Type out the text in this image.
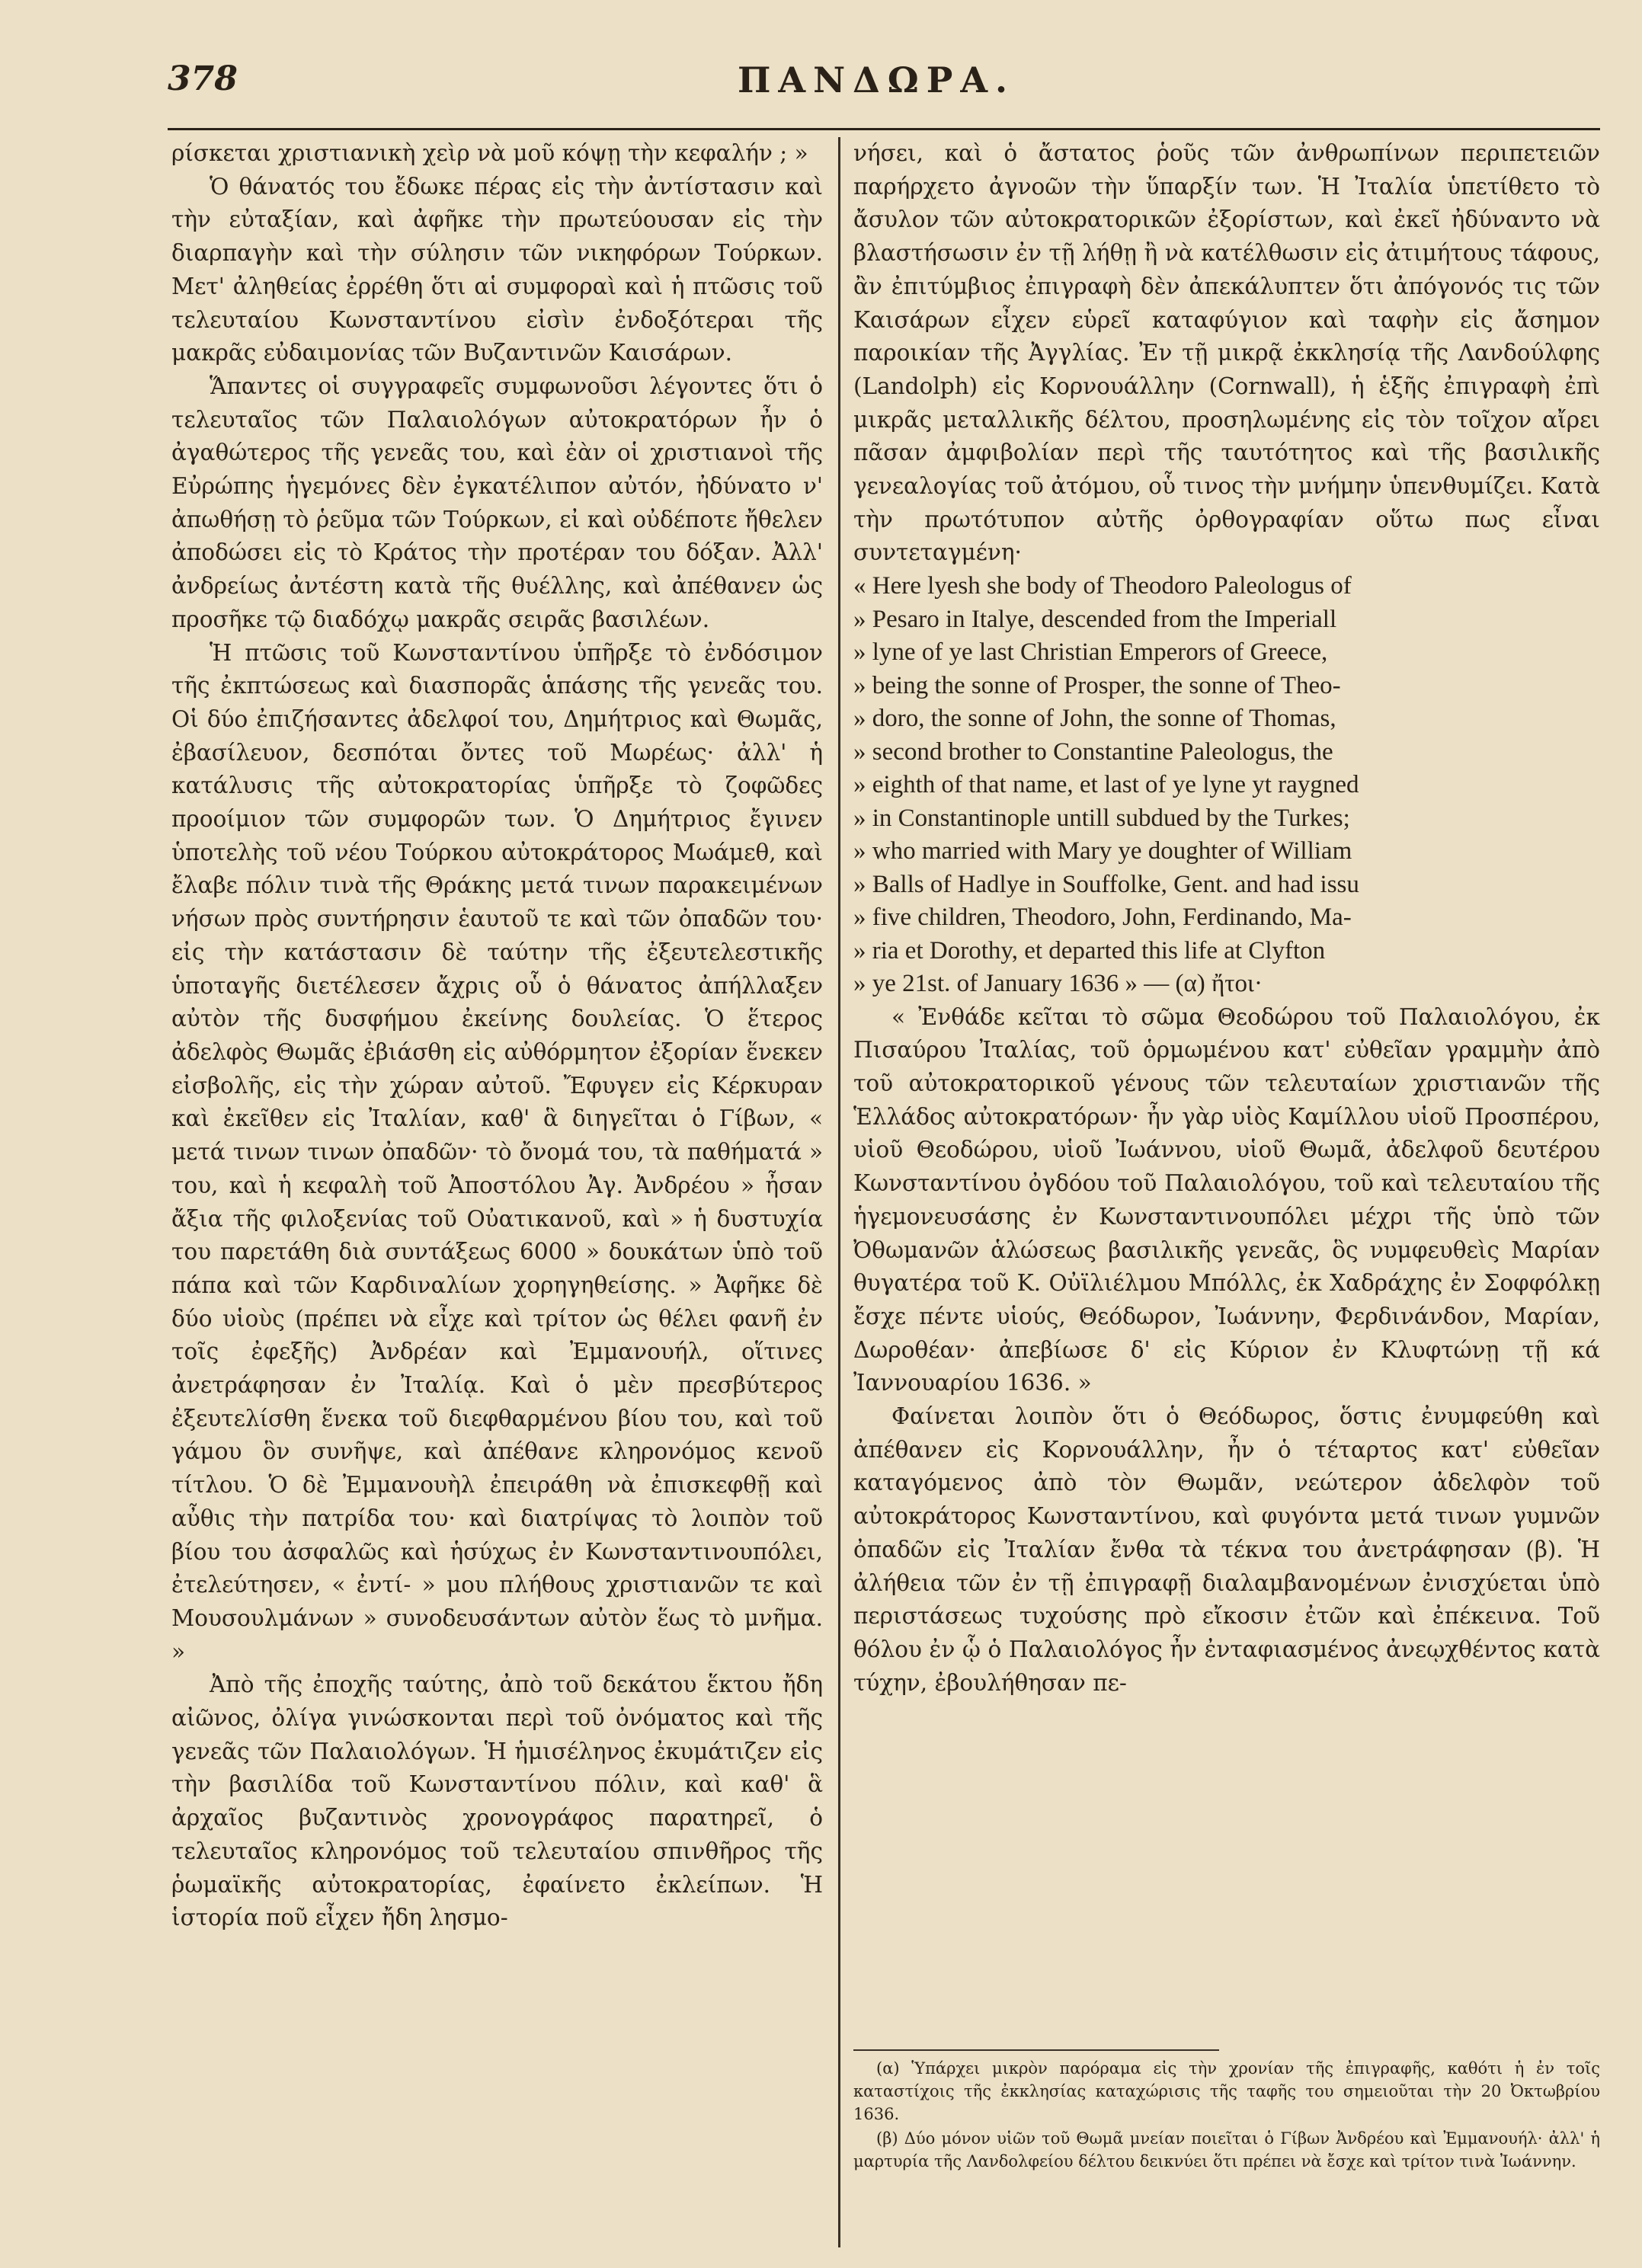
378	ΠΑΝΔΩΡΑ.

ρίσκεται χριστιανικὴ χεὶρ νὰ μοῦ κόψῃ τὴν κεφαλήν ; »

Ὁ θάνατός του ἔδωκε πέρας εἰς τὴν ἀντίστασιν καὶ τὴν εὐταξίαν, καὶ ἀφῆκε τὴν πρωτεύουσαν εἰς τὴν διαρπαγὴν καὶ τὴν σύλησιν τῶν νικηφόρων Τούρκων. Μετ' ἀληθείας ἐρρέθη ὅτι αἱ συμφοραὶ καὶ ἡ πτῶσις τοῦ τελευταίου Κωνσταντίνου εἰσὶν ἐνδοξότεραι τῆς μακρᾶς εὐδαιμονίας τῶν Βυζαντινῶν Καισάρων.

Ἅπαντες οἱ συγγραφεῖς συμφωνοῦσι λέγοντες ὅτι ὁ τελευταῖος τῶν Παλαιολόγων αὐτοκρατόρων ἦν ὁ ἀγαθώτερος τῆς γενεᾶς του, καὶ ἐὰν οἱ χριστιανοὶ τῆς Εὐρώπης ἡγεμόνες δὲν ἐγκατέλιπον αὐτόν, ἠδύνατο ν' ἀπωθήσῃ τὸ ῥεῦμα τῶν Τούρκων, εἰ καὶ οὐδέποτε ἤθελεν ἀποδώσει εἰς τὸ Κράτος τὴν προτέραν του δόξαν. Ἀλλ' ἀνδρείως ἀντέστη κατὰ τῆς θυέλλης, καὶ ἀπέθανεν ὡς προσῆκε τῷ διαδόχῳ μακρᾶς σειρᾶς βασιλέων.

Ἡ πτῶσις τοῦ Κωνσταντίνου ὑπῆρξε τὸ ἐνδόσιμον τῆς ἐκπτώσεως καὶ διασπορᾶς ἁπάσης τῆς γενεᾶς του. Οἱ δύο ἐπιζήσαντες ἀδελφοί του, Δημήτριος καὶ Θωμᾶς, ἐβασίλευον, δεσπόται ὄντες τοῦ Μωρέως· ἀλλ' ἡ κατάλυσις τῆς αὐτοκρατορίας ὑπῆρξε τὸ ζοφῶδες προοίμιον τῶν συμφορῶν των. Ὁ Δημήτριος ἔγινεν ὑποτελὴς τοῦ νέου Τούρκου αὐτοκράτορος Μωάμεθ, καὶ ἔλαβε πόλιν τινὰ τῆς Θράκης μετά τινων παρακειμένων νήσων πρὸς συντήρησιν ἑαυτοῦ τε καὶ τῶν ὀπαδῶν του· εἰς τὴν κατάστασιν δὲ ταύτην τῆς ἐξευτελεστικῆς ὑποταγῆς διετέλεσεν ἄχρις οὗ ὁ θάνατος ἀπήλλαξεν αὐτὸν τῆς δυσφήμου ἐκείνης δουλείας. Ὁ ἕτερος ἀδελφὸς Θωμᾶς ἐβιάσθη εἰς αὐθόρμητον ἐξορίαν ἕνεκεν εἰσβολῆς, εἰς τὴν χώραν αὐτοῦ. Ἔφυγεν εἰς Κέρκυραν καὶ ἐκεῖθεν εἰς Ἰταλίαν, καθ' ἃ διηγεῖται ὁ Γίβων, « μετά τινων τινων ὀπαδῶν· τὸ ὄνομά του, τὰ παθήματά » του, καὶ ἡ κεφαλὴ τοῦ Ἀποστόλου Ἀγ. Ἀνδρέου » ἦσαν ἄξια τῆς φιλοξενίας τοῦ Οὐατικανοῦ, καὶ » ἡ δυστυχία του παρετάθη διὰ συντάξεως 6000 » δουκάτων ὑπὸ τοῦ πάπα καὶ τῶν Καρδιναλίων χορηγηθείσης. » Ἀφῆκε δὲ δύο υἱοὺς (πρέπει νὰ εἶχε καὶ τρίτον ὡς θέλει φανῆ ἐν τοῖς ἐφεξῆς) Ἀνδρέαν καὶ Ἐμμανουήλ, οἵτινες ἀνετράφησαν ἐν Ἰταλίᾳ. Καὶ ὁ μὲν πρεσβύτερος ἐξευτελίσθη ἕνεκα τοῦ διεφθαρμένου βίου του, καὶ τοῦ γάμου ὃν συνῆψε, καὶ ἀπέθανε κληρονόμος κενοῦ τίτλου. Ὁ δὲ Ἐμμανουὴλ ἐπειράθη νὰ ἐπισκεφθῇ καὶ αὖθις τὴν πατρίδα του· καὶ διατρίψας τὸ λοιπὸν τοῦ βίου του ἀσφαλῶς καὶ ἡσύχως ἐν Κωνσταντινουπόλει, ἐτελεύτησεν, « ἐντί- » μου πλήθους χριστιανῶν τε καὶ Μουσουλμάνων » συνοδευσάντων αὐτὸν ἕως τὸ μνῆμα. »

Ἀπὸ τῆς ἐποχῆς ταύτης, ἀπὸ τοῦ δεκάτου ἕκτου ἤδη αἰῶνος, ὀλίγα γινώσκονται περὶ τοῦ ὀνόματος καὶ τῆς γενεᾶς τῶν Παλαιολόγων. Ἡ ἡμισέληνος ἐκυμάτιζεν εἰς τὴν βασιλίδα τοῦ Κωνσταντίνου πόλιν, καὶ καθ' ἃ ἀρχαῖος βυζαντινὸς χρονογράφος παρατηρεῖ, ὁ τελευταῖος κληρονόμος τοῦ τελευταίου σπινθῆρος τῆς ῥωμαϊκῆς αὐτοκρατορίας, ἐφαίνετο ἐκλείπων. Ἡ ἱστορία ποῦ εἶχεν ἤδη λησμο-

νήσει, καὶ ὁ ἄστατος ῥοῦς τῶν ἀνθρωπίνων περιπετειῶν παρήρχετο ἀγνοῶν τὴν ὕπαρξίν των. Ἡ Ἰταλία ὑπετίθετο τὸ ἄσυλον τῶν αὐτοκρατορικῶν ἐξορίστων, καὶ ἐκεῖ ἠδύναντο νὰ βλαστήσωσιν ἐν τῇ λήθῃ ἢ νὰ κατέλθωσιν εἰς ἀτιμήτους τάφους, ἂν ἐπιτύμβιος ἐπιγραφὴ δὲν ἀπεκάλυπτεν ὅτι ἀπόγονός τις τῶν Καισάρων εἶχεν εὑρεῖ καταφύγιον καὶ ταφὴν εἰς ἄσημον παροικίαν τῆς Ἀγγλίας. Ἐν τῇ μικρᾷ ἐκκλησίᾳ τῆς Λανδούλφης (Landolph) εἰς Κορνουάλλην (Cornwall), ἡ ἑξῆς ἐπιγραφὴ ἐπὶ μικρᾶς μεταλλικῆς δέλτου, προσηλωμένης εἰς τὸν τοῖχον αἴρει πᾶσαν ἀμφιβολίαν περὶ τῆς ταυτότητος καὶ τῆς βασιλικῆς γενεαλογίας τοῦ ἀτόμου, οὗ τινος τὴν μνήμην ὑπενθυμίζει. Κατὰ τὴν πρωτότυπον αὐτῆς ὀρθογραφίαν οὕτω πως εἶναι συντεταγμένη·

« Here lyesh she body of Theodoro Paleologus of

» Pesaro in Italye, descended from the Imperiall

» lyne of ye last Christian Emperors of Greece,

» being the sonne of Prosper, the sonne of Theo-

» doro, the sonne of John, the sonne of Thomas,

» second brother to Constantine Paleologus, the

» eighth of that name, et last of ye lyne yt raygned

» in Constantinople untill subdued by the Turkes;

» who married with Mary ye doughter of William

» Balls of Hadlye in Souffolke, Gent. and had issu

» five children, Theodoro, John, Ferdinando, Ma-

» ria et Dorothy, et departed this life at Clyfton

» ye 21st. of January 1636 » — (α) ἤτοι·

« Ἐνθάδε κεῖται τὸ σῶμα Θεοδώρου τοῦ Παλαιολόγου, ἐκ Πισαύρου Ἰταλίας, τοῦ ὁρμωμένου κατ' εὐθεῖαν γραμμὴν ἀπὸ τοῦ αὐτοκρατορικοῦ γένους τῶν τελευταίων χριστιανῶν τῆς Ἑλλάδος αὐτοκρατόρων· ἦν γὰρ υἱὸς Καμίλλου υἱοῦ Προσπέρου, υἱοῦ Θεοδώρου, υἱοῦ Ἰωάννου, υἱοῦ Θωμᾶ, ἀδελφοῦ δευτέρου Κωνσταντίνου ὀγδόου τοῦ Παλαιολόγου, τοῦ καὶ τελευταίου τῆς ἡγεμονευσάσης ἐν Κωνσταντινουπόλει μέχρι τῆς ὑπὸ τῶν Ὀθωμανῶν ἁλώσεως βασιλικῆς γενεᾶς, ὃς νυμφευθεὶς Μαρίαν θυγατέρα τοῦ Κ. Οὐϊλιέλμου Μπόλλς, ἐκ Χαδράχης ἐν Σοφφόλκῃ ἔσχε πέντε υἱούς, Θεόδωρον, Ἰωάννην, Φερδινάνδον, Μαρίαν, Δωροθέαν· ἀπεβίωσε δ' εἰς Κύριον ἐν Κλυφτώνῃ τῇ κά Ἰαννουαρίου 1636. »

Φαίνεται λοιπὸν ὅτι ὁ Θεόδωρος, ὅστις ἐνυμφεύθη καὶ ἀπέθανεν εἰς Κορνουάλλην, ἦν ὁ τέταρτος κατ' εὐθεῖαν καταγόμενος ἀπὸ τὸν Θωμᾶν, νεώτερον ἀδελφὸν τοῦ αὐτοκράτορος Κωνσταντίνου, καὶ φυγόντα μετά τινων γυμνῶν ὀπαδῶν εἰς Ἰταλίαν ἔνθα τὰ τέκνα του ἀνετράφησαν (β). Ἡ ἀλήθεια τῶν ἐν τῇ ἐπιγραφῇ διαλαμβανομένων ἐνισχύεται ὑπὸ περιστάσεως τυχούσης πρὸ εἴκοσιν ἐτῶν καὶ ἐπέκεινα. Τοῦ θόλου ἐν ᾧ ὁ Παλαιολόγος ἦν ἐνταφιασμένος ἀνεῳχθέντος κατὰ τύχην, ἐβουλήθησαν πε-

(α) Ὑπάρχει μικρὸν παρόραμα εἰς τὴν χρονίαν τῆς ἐπιγραφῆς, καθότι ἡ ἐν τοῖς καταστίχοις τῆς ἐκκλησίας καταχώρισις τῆς ταφῆς του σημειοῦται τὴν 20 Ὀκτωβρίου 1636.

(β) Δύο μόνον υἱῶν τοῦ Θωμᾶ μνείαν ποιεῖται ὁ Γίβων Ἀνδρέου καὶ Ἐμμανουήλ· ἀλλ' ἡ μαρτυρία τῆς Λανδολφείου δέλτου δεικνύει ὅτι πρέπει νὰ ἔσχε καὶ τρίτον τινὰ Ἰωάννην.
